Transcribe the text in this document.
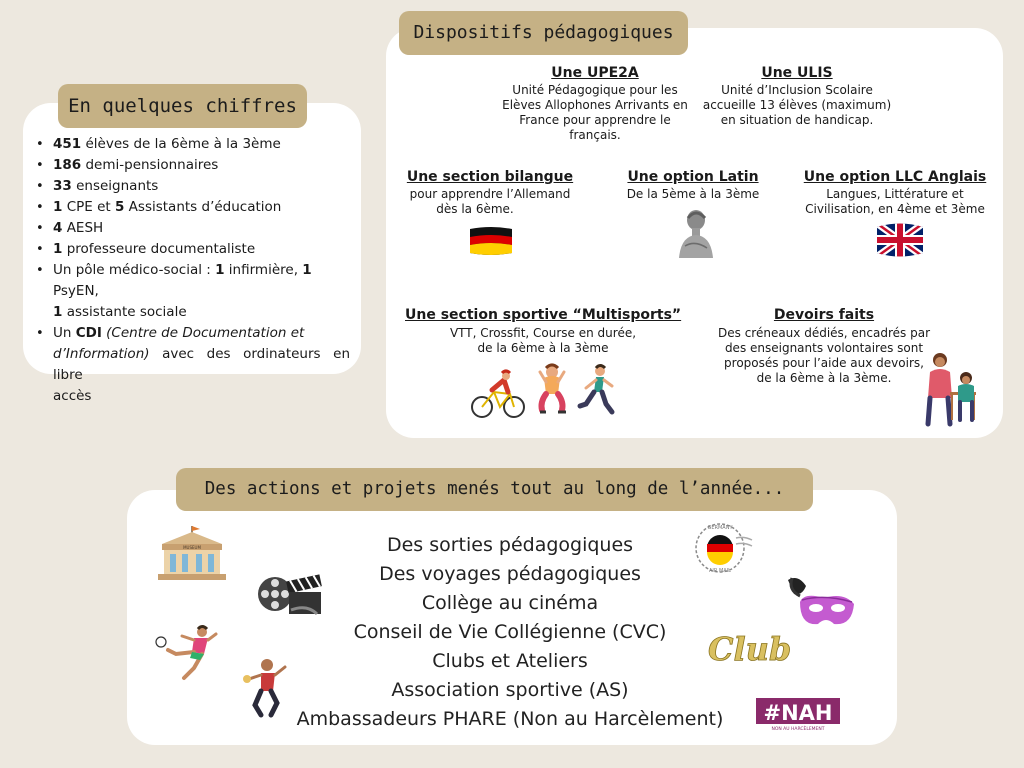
En quelques chiffres
• 451 élèves de la 6ème à la 3ème
• 186 demi-pensionnaires
• 33 enseignants
• 1 CPE et 5 Assistants d’éducation
• 4 AESH
• 1 professeure documentaliste
• Un pôle médico-social : 1 infirmière, 1 PsyEN,
1 assistante sociale
• Un CDI (Centre de Documentation et
d’Information) avec des ordinateurs en libre
accès
Dispositifs pédagogiques
Une UPE2A
Unité Pédagogique pour les
Elèves Allophones Arrivants en
France pour apprendre le
français.
Une ULIS
Unité d’Inclusion Scolaire
accueille 13 élèves (maximum)
en situation de handicap.
Une section bilangue
pour apprendre l’Allemand
dès la 6ème.
Une option Latin
De la 5ème à la 3ème
Une option LLC Anglais
Langues, Littérature et
Civilisation, en 4ème et 3ème
Une section sportive “Multisports”
VTT, Crossfit, Course en durée,
de la 6ème à la 3ème
Devoirs faits
Des créneaux dédiés, encadrés par
des enseignants volontaires sont
proposés pour l’aide aux devoirs,
de la 6ème à la 3ème.
Des actions et projets menés tout au long de l’année...
Des sorties pédagogiques
Des voyages pédagogiques
Collège au cinéma
Conseil de Vie Collégienne (CVC)
Clubs et Ateliers
Association sportive (AS)
Ambassadeurs PHARE (Non au Harcèlement)
MUSEUM
GERMANY
AIR MAIL
Club
#NAH
NON AU HARCÈLEMENT
